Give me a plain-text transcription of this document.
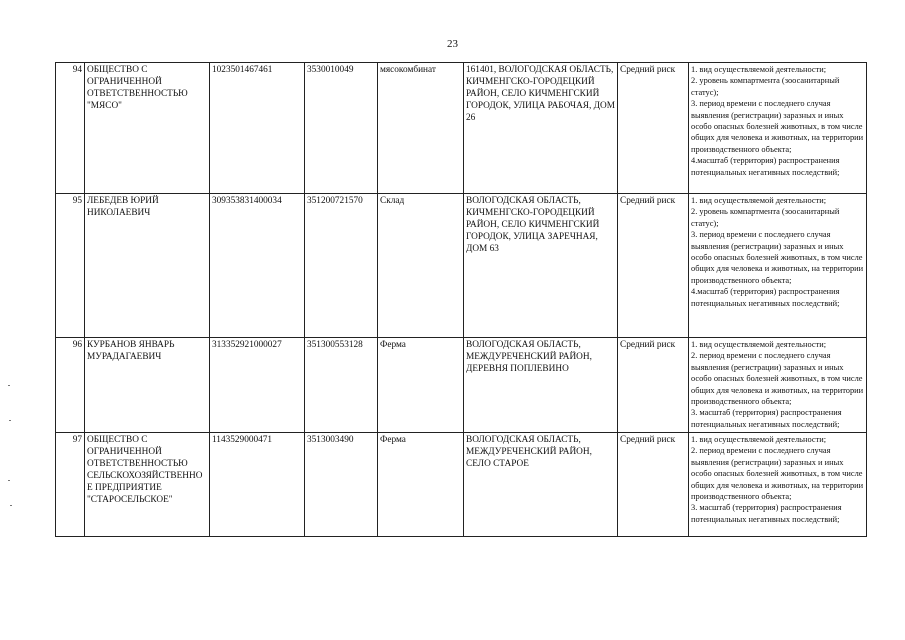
23
94	ОБЩЕСТВО С ОГРАНИЧЕННОЙ ОТВЕТСТВЕННОСТЬЮ "МЯСО"	1023501467461	3530010049	мясокомбинат	161401, ВОЛОГОДСКАЯ ОБЛАСТЬ, КИЧМЕНГСКО-ГОРОДЕЦКИЙ РАЙОН, СЕЛО КИЧМЕНГСКИЙ ГОРОДОК, УЛИЦА РАБОЧАЯ, ДОМ 26	Средний риск	1. вид осуществляемой деятельности;
2. уровень компартмента (зоосанитарный статус);
3. период времени с последнего случая выявления (регистрации) заразных и иных особо опасных болезней животных, в том числе общих для человека и животных, на территории производственного объекта;
4.масштаб (территория) распространения потенциальных негативных последствий;

95	ЛЕБЕДЕВ ЮРИЙ НИКОЛАЕВИЧ	309353831400034	351200721570	Склад	ВОЛОГОДСКАЯ ОБЛАСТЬ, КИЧМЕНГСКО-ГОРОДЕЦКИЙ РАЙОН, СЕЛО КИЧМЕНГСКИЙ ГОРОДОК, УЛИЦА ЗАРЕЧНАЯ, ДОМ 63	Средний риск	1. вид осуществляемой деятельности;
2. уровень компартмента (зоосанитарный статус);
3. период времени с последнего случая выявления (регистрации) заразных и иных особо опасных болезней животных, в том числе общих для человека и животных, на территории производственного объекта;
4.масштаб (территория) распространения потенциальных негативных последствий;

96	КУРБАНОВ ЯНВАРЬ МУРАДАГАЕВИЧ	313352921000027	351300553128	Ферма	ВОЛОГОДСКАЯ ОБЛАСТЬ, МЕЖДУРЕЧЕНСКИЙ РАЙОН, ДЕРЕВНЯ ПОПЛЕВИНО	Средний риск	1. вид осуществляемой деятельности;
2. период времени с последнего случая выявления (регистрации) заразных и иных особо опасных болезней животных, в том числе общих для человека и животных, на территории производственного объекта;
3. масштаб (территория) распространения потенциальных негативных последствий;

97	ОБЩЕСТВО С ОГРАНИЧЕННОЙ ОТВЕТСТВЕННОСТЬЮ СЕЛЬСКОХОЗЯЙСТВЕННОЕ ПРЕДПРИЯТИЕ "СТАРОСЕЛЬСКОЕ"	1143529000471	3513003490	Ферма	ВОЛОГОДСКАЯ ОБЛАСТЬ, МЕЖДУРЕЧЕНСКИЙ РАЙОН, СЕЛО СТАРОЕ	Средний риск	1. вид осуществляемой деятельности;
2. период времени с последнего случая выявления (регистрации) заразных и иных особо опасных болезней животных, в том числе общих для человека и животных, на территории производственного объекта;
3. масштаб (территория) распространения потенциальных негативных последствий;
